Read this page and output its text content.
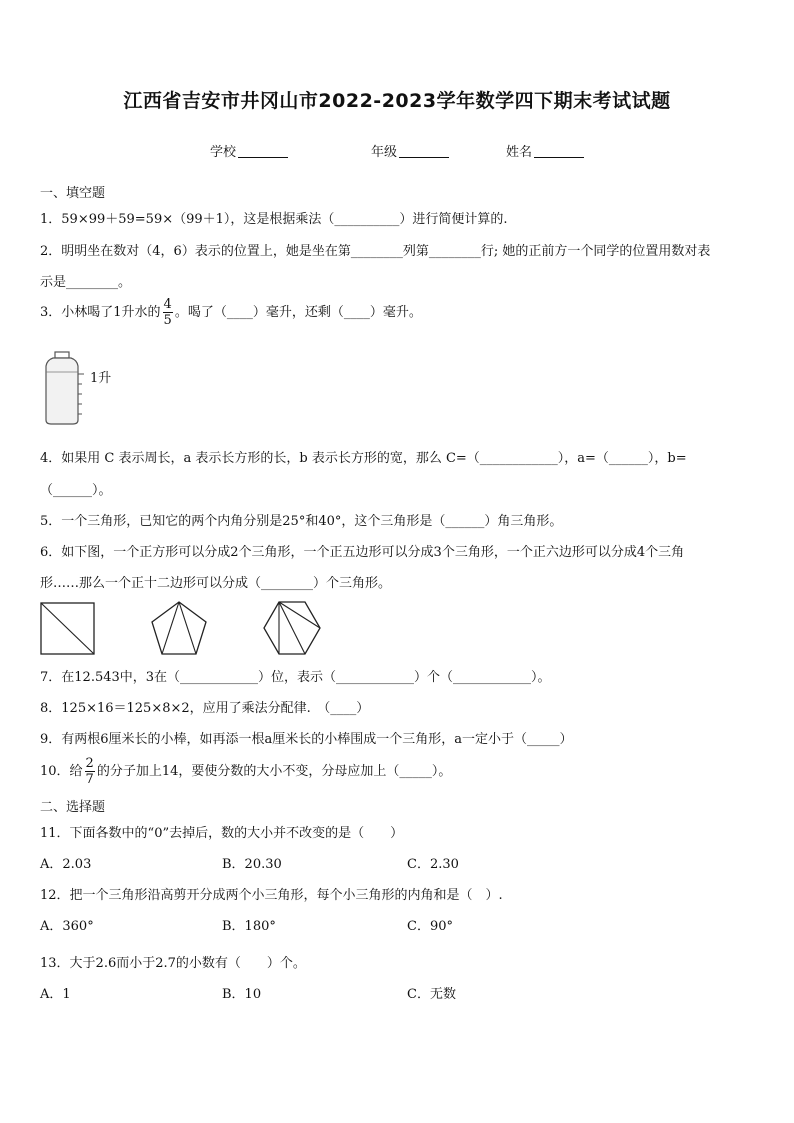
江西省吉安市井冈山市2022-2023学年数学四下期末考试试题
学校	年级	姓名
一、填空题
1．59×99＋59=59×（99＋1），这是根据乘法（__________）进行简便计算的.
2．明明坐在数对（4，6）表示的位置上，她是坐在第________列第________行; 她的正前方一个同学的位置用数对表
示是________。
3．小林喝了1升水的 $\frac{4}{5}$ 。喝了（____）毫升，还剩（____）毫升。
1升
4．如果用 C 表示周长，a 表示长方形的长，b 表示长方形的宽，那么 C=（____________），a=（______），b=
（______）。
5．一个三角形，已知它的两个内角分别是25°和40°，这个三角形是（______）角三角形。
6．如下图，一个正方形可以分成2个三角形，一个正五边形可以分成3个三角形，一个正六边形可以分成4个三角
形……那么一个正十二边形可以分成（________）个三角形。
7．在12.543中，3在（____________）位，表示（____________）个（____________）。
8．125×16＝125×8×2，应用了乘法分配律.　（____）
9．有两根6厘米长的小棒，如再添一根a厘米长的小棒围成一个三角形，a一定小于（_____）
10．给 $\frac{2}{7}$ 的分子加上14，要使分数的大小不变，分母应加上（_____）。
二、选择题
11．下面各数中的“0”去掉后，数的大小并不改变的是（　　）
A．2.03	B．20.30	C．2.30
12．把一个三角形沿高剪开分成两个小三角形，每个小三角形的内角和是（　）.
A．360°	B．180°	C．90°
13．大于2.6而小于2.7的小数有（　　）个。
A．1	B．10	C．无数
